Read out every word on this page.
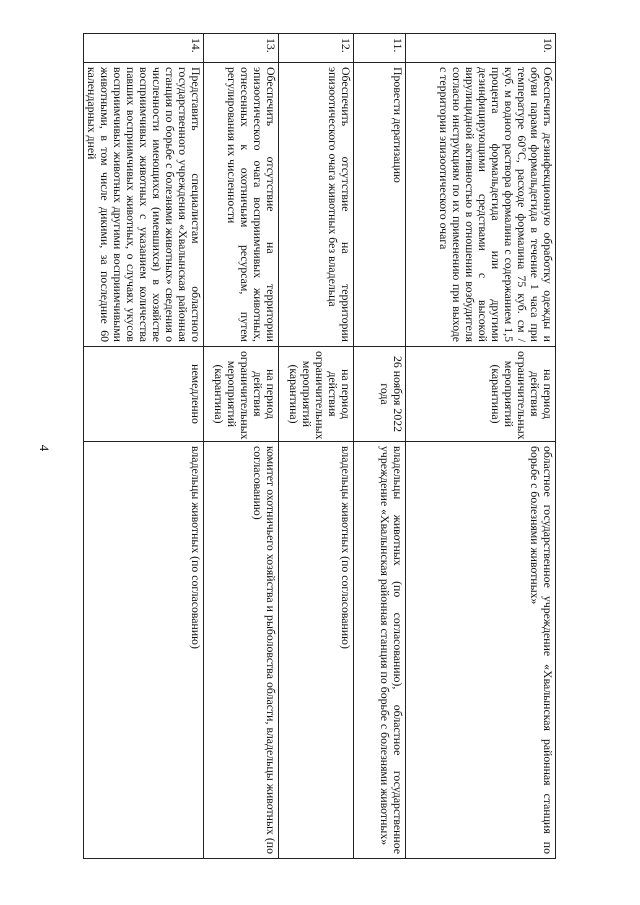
4
10.	Обеспечить дезинфекционную обработку одежды и обуви парами формальдегида в течение 1 часа при температуре 60°С, расходе формалина 75 куб. см / куб. м водного раствора формалина с содержанием 1,5 процента формальдегида или другими дезинфицирующими средствами с высокой вирулицидной активностью в отношении возбудителя согласно инструкциям по их применению при выходе с территории эпизоотического очага	на период действия ограничительных мероприятий (карантина)	областное государственное учреждение «Хвалынская районная станция по борьбе с болезнями животных»
11.	Провести дератизацию	26 ноября 2022 года	владельцы животных (по согласованию), областное государственное учреждение «Хвалынская районная станция по борьбе с болезнями животных»
12.	Обеспечить отсутствие на территории эпизоотического очага животных без владельца	на период действия ограничительных мероприятий (карантина)	владельцы животных (по согласованию)
13.	Обеспечить отсутствие на территории эпизоотического очага восприимчивых животных, отнесенных к охотничьим ресурсам, путем регулирования их численности	на период действия ограничительных мероприятий (карантина)	комитет охотничьего хозяйства и рыболовства области, владельцы животных (по согласованию)
14.	Представить специалистам областного государственного учреждения «Хвалынская районная станция по борьбе с болезнями животных» сведения о численности имеющихся (имевшихся) в хозяйстве восприимчивых животных с указанием количества павших восприимчивых животных, о случаях укусов восприимчивых животных другими восприимчивыми животными, в том числе дикими, за последние 60 календарных дней	немедленно	владельцы животных (по согласованию)
